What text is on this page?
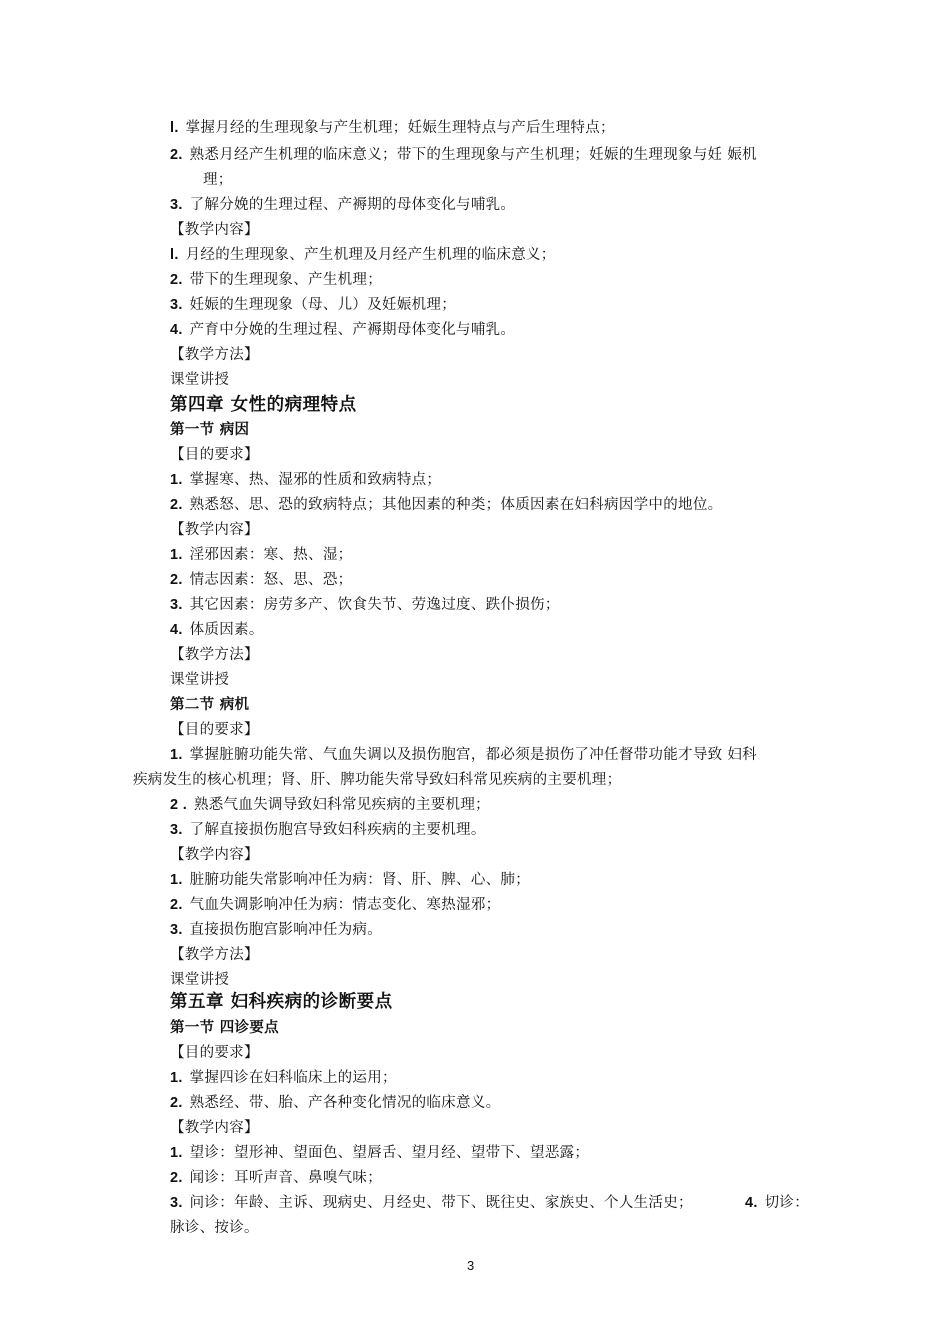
l. 掌握月经的生理现象与产生机理；妊娠生理特点与产后生理特点；
2. 熟悉月经产生机理的临床意义；带下的生理现象与产生机理；妊娠的生理现象与妊 娠机
理；
3. 了解分娩的生理过程、产褥期的母体变化与哺乳。
【教学内容】
l. 月经的生理现象、产生机理及月经产生机理的临床意义；
2. 带下的生理现象、产生机理；
3. 妊娠的生理现象（母、儿）及妊娠机理；
4. 产育中分娩的生理过程、产褥期母体变化与哺乳。
【教学方法】
课堂讲授
第四章 女性的病理特点
第一节 病因
【目的要求】
1. 掌握寒、热、湿邪的性质和致病特点；
2. 熟悉怒、思、恐的致病特点；其他因素的种类；体质因素在妇科病因学中的地位。
【教学内容】
1. 淫邪因素：寒、热、湿；
2. 情志因素：怒、思、恐；
3. 其它因素：房劳多产、饮食失节、劳逸过度、跌仆损伤；
4. 体质因素。
【教学方法】
课堂讲授
第二节 病机
【目的要求】
1. 掌握脏腑功能失常、气血失调以及损伤胞宫，都必须是损伤了冲任督带功能才导致 妇科
疾病发生的核心机理；肾、肝、脾功能失常导致妇科常见疾病的主要机理；
2 . 熟悉气血失调导致妇科常见疾病的主要机理；
3. 了解直接损伤胞宫导致妇科疾病的主要机理。
【教学内容】
1. 脏腑功能失常影响冲任为病：肾、肝、脾、心、肺；
2. 气血失调影响冲任为病：情志变化、寒热湿邪；
3. 直接损伤胞宫影响冲任为病。
【教学方法】
课堂讲授
第五章 妇科疾病的诊断要点
第一节 四诊要点
【目的要求】
1. 掌握四诊在妇科临床上的运用；
2. 熟悉经、带、胎、产各种变化情况的临床意义。
【教学内容】
1. 望诊：望形神、望面色、望唇舌、望月经、望带下、望恶露；
2. 闻诊：耳听声音、鼻嗅气味；
3. 问诊：年龄、主诉、现病史、月经史、带下、既往史、家族史、个人生活史；	4. 切诊：
脉诊、按诊。
3
